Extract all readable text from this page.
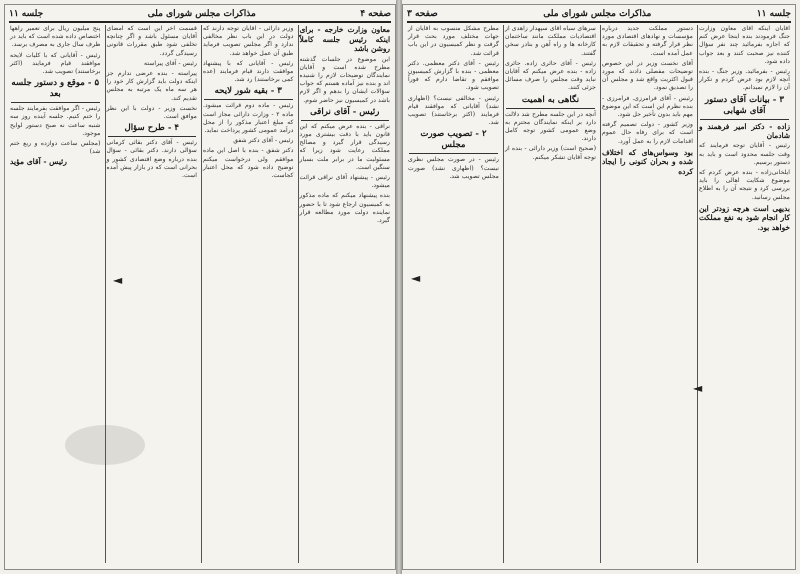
صفحه ۴
مذاکرات مجلس شورای ملی
جلسه ۱۱

معاون وزارت خارجه - برای اینکه رئیس جلسه کاملاً روشن باشد

این موضوع در جلسات گذشته مطرح شده است و آقایان نمایندگان توضیحات لازم را شنیده اند و بنده نیز آماده هستم که جواب سؤالات ایشان را بدهم و اگر لازم باشد در کمیسیون نیز حاضر شوم.

رئیس - آقای نراقی

نراقی - بنده عرض میکنم که این قانون باید با دقت بیشتری مورد رسیدگی قرار گیرد و مصالح مملکت رعایت شود زیرا که مسئولیت ما در برابر ملت بسیار سنگین است.

رئیس - پیشنهاد آقای نراقی قرائت میشود.

بنده پیشنهاد میکنم که ماده مذکور به کمیسیون ارجاع شود تا با حضور نماینده دولت مورد مطالعه قرار گیرد.

وزیر دارائی - آقایان توجه دارند که دولت در این باب نظر مخالفی ندارد و اگر مجلس تصویب فرماید طبق آن عمل خواهد شد.

رئیس - آقایانی که با پیشنهاد موافقت دارند قیام فرمایند (عده کمی برخاستند) رد شد.

۳ - بقیه شور لایحه

رئیس - ماده دوم قرائت میشود. ماده ۲ - وزارت دارائی مجاز است که مبلغ اعتبار مذکور را از محل درآمد عمومی کشور پرداخت نماید.

رئیس - آقای دکتر شفق

دکتر شفق - بنده با اصل این ماده موافقم ولی درخواست میکنم توضیح داده شود که محل اعتبار کجاست.

قسمت آخر این است که امضای آقایان مسئول باشد و اگر چنانچه تخلفی شود طبق مقررات قانونی رسیدگی گردد.

رئیس - آقای پیراسته

پیراسته - بنده عرضی ندارم جز اینکه دولت باید گزارش کار خود را هر سه ماه یک مرتبه به مجلس تقدیم کند.

نخست وزیر - دولت با این نظر موافق است.

۴ - طرح سؤال

رئیس - آقای دکتر بقائی کرمانی سؤالی دارند. دکتر بقائی - سؤال بنده درباره وضع اقتصادی کشور و بحرانی است که در بازار پیش آمده است.

پنج میلیون ریال برای تعمیر راهها اختصاص داده شده است که باید در ظرف سال جاری به مصرف برسد.

رئیس - آقایانی که با کلیات لایحه موافقند قیام فرمایند (اکثر برخاستند) تصویب شد.

۵ - موقع و دستور جلسه بعد

رئیس - اگر موافقت بفرمایند جلسه را ختم کنیم. جلسه آینده روز سه شنبه ساعت نه صبح دستور لوایح موجود.

(مجلس ساعت دوازده و ربع ختم شد)

رئیس - آقای مؤید

◄
جلسه ۱۱
مذاکرات مجلس شورای ملی
صفحه ۳

آقایان اینکه آقای معاون وزارت جنگ فرمودند بنده اینجا عرض کنم که اجازه بفرمائید چند نفر سؤال کننده نیز صحبت کنند و بعد جواب داده شود.

رئیس - بفرمائید. وزیر جنگ - بنده آنچه لازم بود عرض کردم و تکرار آن را لازم نمیدانم.

۳ - بیانات آقای دستور آقای شهابی

زاده - دکتر امیر فرهمند و شادمان

رئیس - آقایان توجه فرمایند که وقت جلسه محدود است و باید به دستور برسیم.

ایلخانی‌زاده - بنده عرض کردم که موضوع شکایت اهالی را باید بررسی کرد و نتیجه آن را به اطلاع مجلس رسانید.

بدیهی است هرچه زودتر این کار انجام شود به نفع مملکت خواهد بود.

دستور مملکت جدید درباره مؤسسات و نهادهای اقتصادی مورد نظر قرار گرفته و تحقیقات لازم به عمل آمده است.

آقای نخست وزیر در این خصوص توضیحات مفصلی دادند که مورد قبول اکثریت واقع شد و مجلس آن را تصدیق نمود.

رئیس - آقای فرامرزی. فرامرزی - بنده نظرم این است که این موضوع مهم باید بدون تأخیر حل شود.

وزیر کشور - دولت تصمیم گرفته است که برای رفاه حال عموم اقدامات لازم را به عمل آورد.

بود وسواس‌های که اختلاف شده و بحران کنونی را ایجاد کرده

سرهای سیاه آقای سپهدار زاهدی از اقتصادیات مملکت مانند ساختمان کارخانه ها و راه آهن و بنادر سخن گفتند.

رئیس - آقای حائری زاده. حائری زاده - بنده عرض میکنم که آقایان نباید وقت مجلس را صرف مسائل جزئی کنند.

نگاهی به اهمیت

آنچه در این جلسه مطرح شد دلالت دارد بر اینکه نمایندگان محترم به وضع عمومی کشور توجه کامل دارند.

(صحیح است) وزیر دارائی - بنده از توجه آقایان تشکر میکنم.

مطرح مشکل منسوب به آقایان از جهات مختلف مورد بحث قرار گرفت و نظر کمیسیون در این باب قرائت شد.

رئیس - آقای دکتر معظمی. دکتر معظمی - بنده با گزارش کمیسیون موافقم و تقاضا دارم که فوراً تصویب شود.

رئیس - مخالفی نیست؟ (اظهاری نشد) آقایانی که موافقند قیام فرمایند (اکثر برخاستند) تصویب شد.

۲ - تصویب صورت مجلس

رئیس - در صورت مجلس نظری نیست؟ (اظهاری نشد) صورت مجلس تصویب شد.

◄
◄
